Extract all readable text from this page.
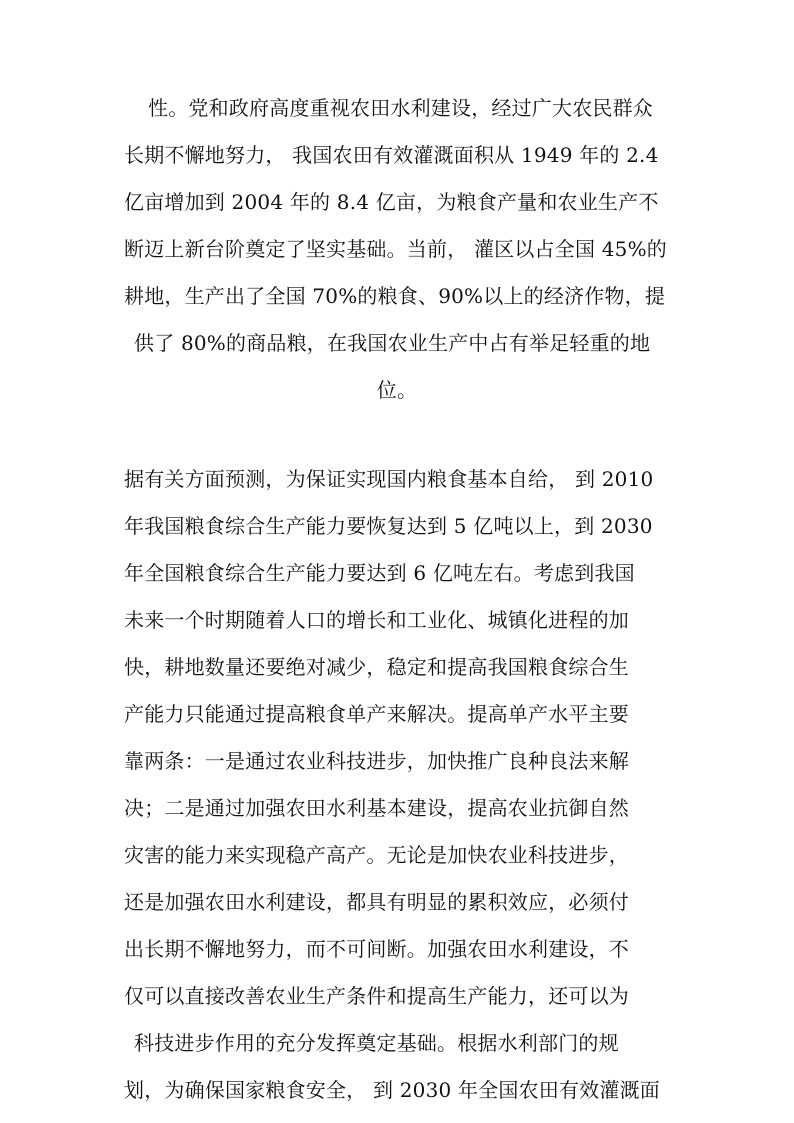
性。党和政府高度重视农田水利建设，经过广大农民群众
长期不懈地努力， 我国农田有效灌溉面积从 1949 年的 2.4
亿亩增加到 2004 年的 8.4 亿亩，为粮食产量和农业生产不
断迈上新台阶奠定了坚实基础。当前， 灌区以占全国 45%的
耕地，生产出了全国 70%的粮食、90%以上的经济作物，提
供了 80%的商品粮，在我国农业生产中占有举足轻重的地
位。
据有关方面预测，为保证实现国内粮食基本自给， 到 2010
年我国粮食综合生产能力要恢复达到 5 亿吨以上，到 2030
年全国粮食综合生产能力要达到 6 亿吨左右。考虑到我国
未来一个时期随着人口的增长和工业化、城镇化进程的加
快，耕地数量还要绝对减少，稳定和提高我国粮食综合生
产能力只能通过提高粮食单产来解决。提高单产水平主要
靠两条：一是通过农业科技进步，加快推广良种良法来解
决；二是通过加强农田水利基本建设，提高农业抗御自然
灾害的能力来实现稳产高产。无论是加快农业科技进步，
还是加强农田水利建设，都具有明显的累积效应，必须付
出长期不懈地努力，而不可间断。加强农田水利建设，不
仅可以直接改善农业生产条件和提高生产能力，还可以为
科技进步作用的充分发挥奠定基础。根据水利部门的规
划，为确保国家粮食安全， 到 2030 年全国农田有效灌溉面
